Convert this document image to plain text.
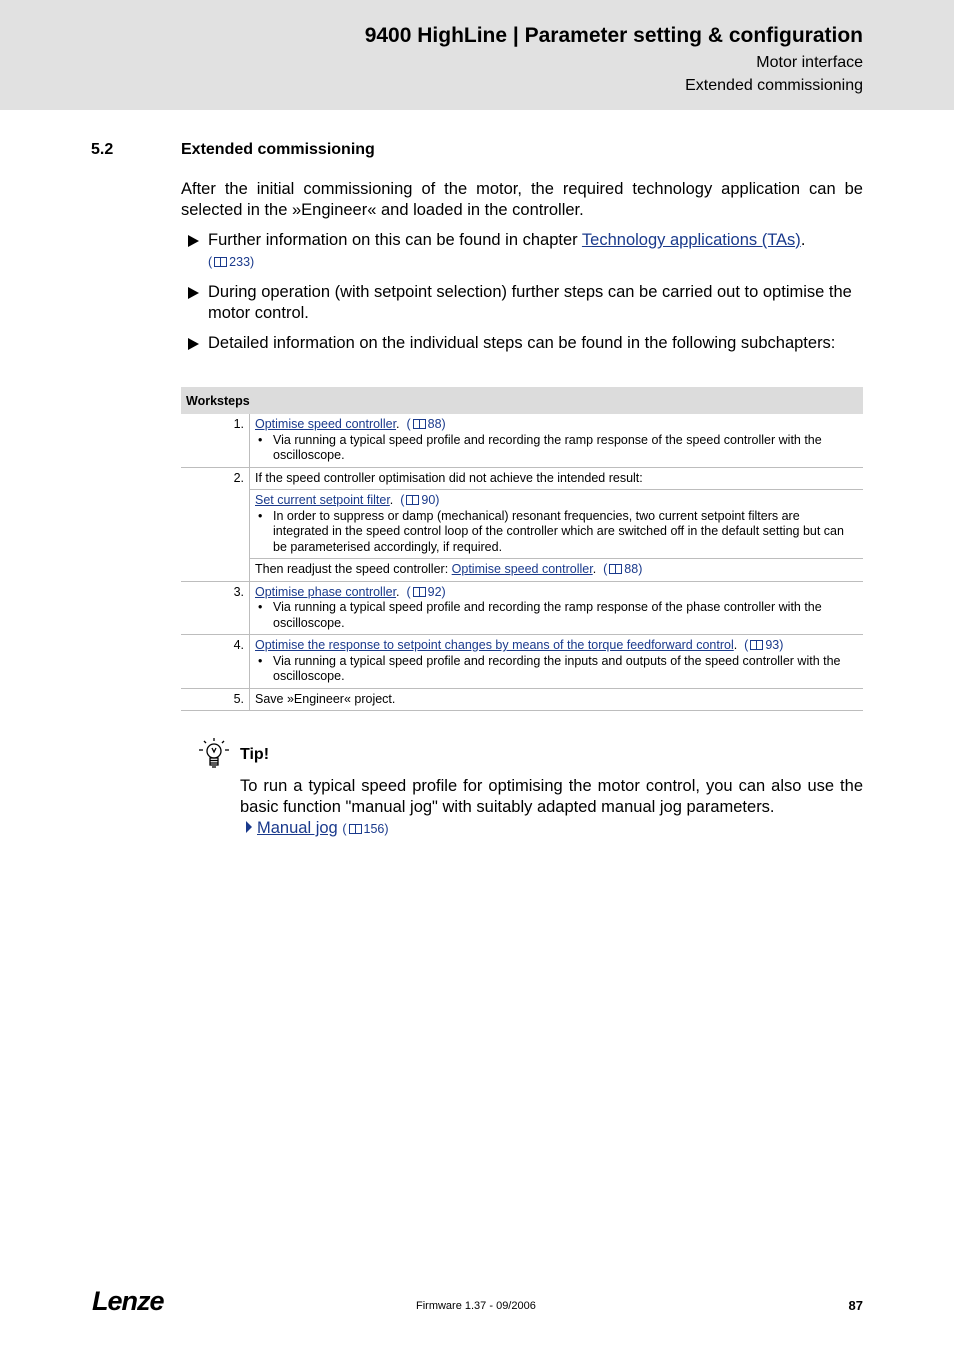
9400 HighLine | Parameter setting & configuration
Motor interface
Extended commissioning
5.2	Extended commissioning
After the initial commissioning of the motor, the required technology application can be selected in the »Engineer« and loaded in the controller.
Further information on this can be found in chapter Technology applications (TAs).
( 233)
During operation (with setpoint selection) further steps can be carried out to optimise the motor control.
Detailed information on the individual steps can be found in the following subchapters:
Worksteps	
1.	Optimise speed controller.  ( 88)
• Via running a typical speed profile and recording the ramp response of the speed controller with the oscilloscope.

2.	If the speed controller optimisation did not achieve the intended result:
	Set current setpoint filter.  ( 90)
• In order to suppress or damp (mechanical) resonant frequencies, two current setpoint filters are integrated in the speed control loop of the controller which are switched off in the default setting but can be parameterised accordingly, if required.

	Then readjust the speed controller: Optimise speed controller.  ( 88)
3.	Optimise phase controller.  ( 92)
• Via running a typical speed profile and recording the ramp response of the phase controller with the oscilloscope.

4.	Optimise the response to setpoint changes by means of the torque feedforward control.  ( 93)
• Via running a typical speed profile and recording the inputs and outputs of the speed controller with the oscilloscope.

5.	Save »Engineer« project.
Tip!
To run a typical speed profile for optimising the motor control, you can also use the basic function "manual jog" with suitably adapted manual jog parameters.
Manual jog ( 156)
Lenze	Firmware 1.37 - 09/2006	87
